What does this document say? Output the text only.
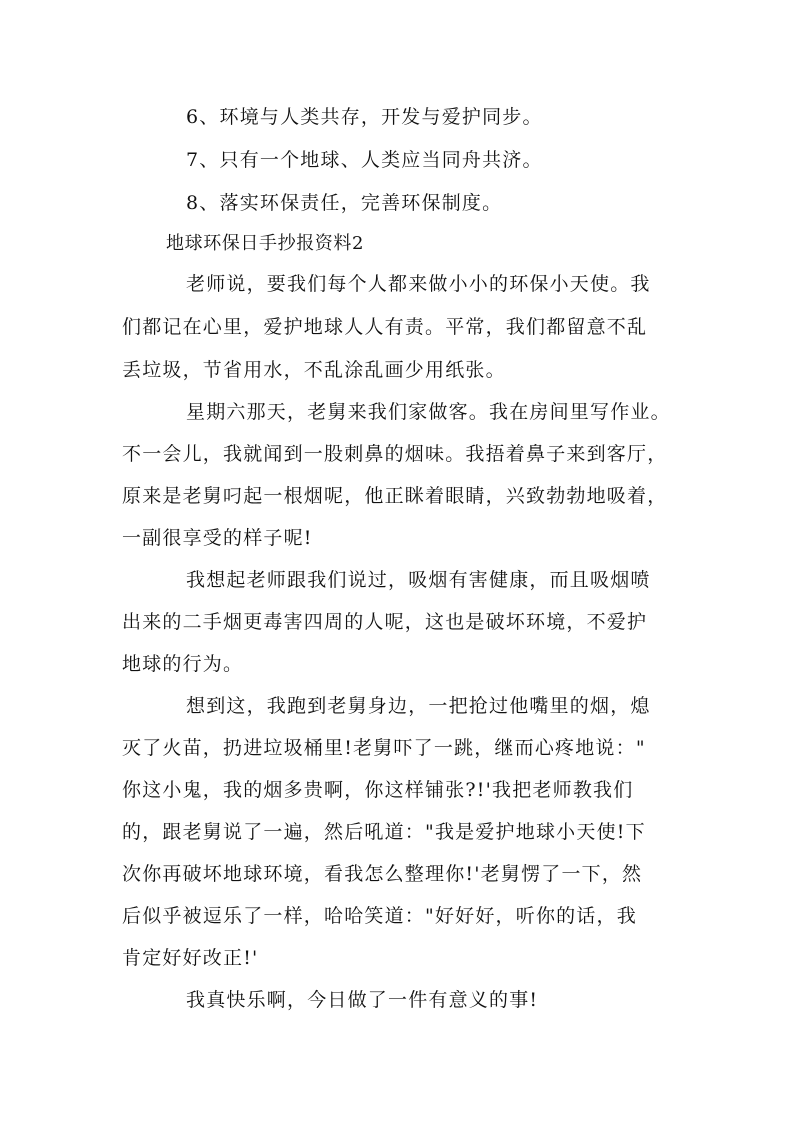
6、环境与人类共存，开发与爱护同步。
7、只有一个地球、人类应当同舟共济。
8、落实环保责任，完善环保制度。
地球环保日手抄报资料2
老师说，要我们每个人都来做小小的环保小天使。我
们都记在心里，爱护地球人人有责。平常，我们都留意不乱
丢垃圾，节省用水，不乱涂乱画少用纸张。
星期六那天，老舅来我们家做客。我在房间里写作业。
不一会儿，我就闻到一股刺鼻的烟味。我捂着鼻子来到客厅，
原来是老舅叼起一根烟呢，他正眯着眼睛，兴致勃勃地吸着，
一副很享受的样子呢!
我想起老师跟我们说过，吸烟有害健康，而且吸烟喷
出来的二手烟更毒害四周的人呢，这也是破坏环境，不爱护
地球的行为。
想到这，我跑到老舅身边，一把抢过他嘴里的烟，熄
灭了火苗，扔进垃圾桶里!老舅吓了一跳，继而心疼地说："
你这小鬼，我的烟多贵啊，你这样铺张?!'我把老师教我们
的，跟老舅说了一遍，然后吼道："我是爱护地球小天使!下
次你再破坏地球环境，看我怎么整理你!'老舅愣了一下，然
后似乎被逗乐了一样，哈哈笑道："好好好，听你的话，我
肯定好好改正!'
我真快乐啊，今日做了一件有意义的事!
